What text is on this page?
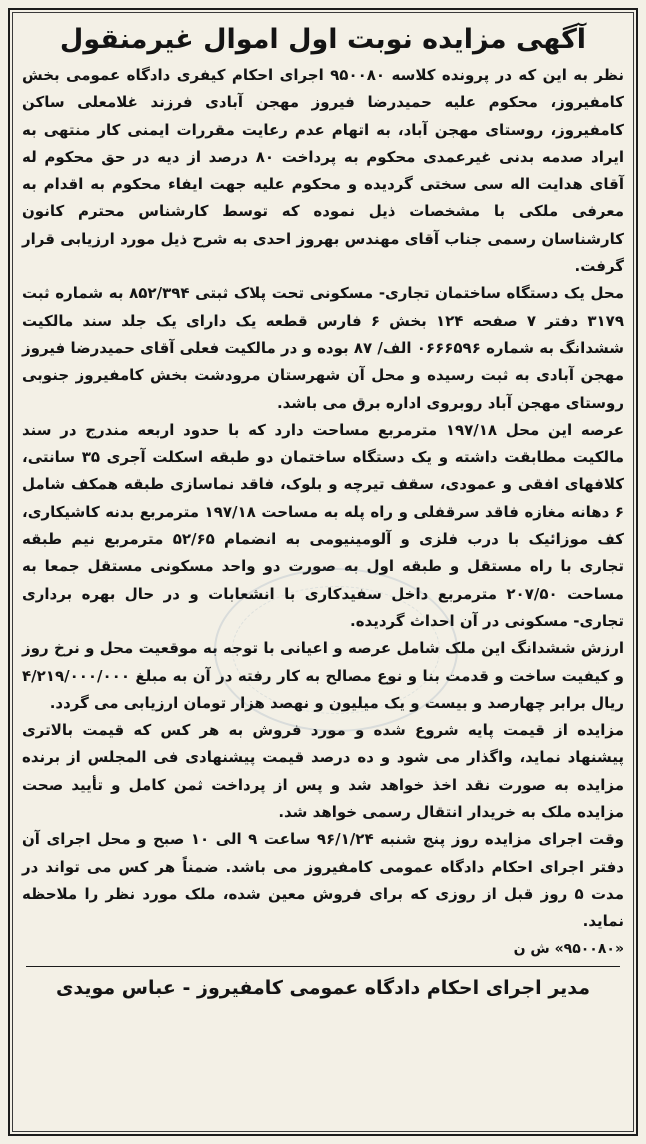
آگهی مزایده نوبت اول اموال غیرمنقول

نظر به این که در پرونده کلاسه ۹۵۰۰۸۰ اجرای احکام کیفری دادگاه عمومی بخش کامفیروز، محکوم علیه حمیدرضا فیروز مهجن آبادی فرزند غلامعلی ساکن کامفیروز، روستای مهجن آباد، به اتهام عدم رعایت مقررات ایمنی کار منتهی به ایراد صدمه بدنی غیرعمدی محکوم به پرداخت ۸۰ درصد از دیه در حق محکوم له آقای هدایت اله سی سختی گردیده و محکوم علیه جهت ایفاء محکوم به اقدام به معرفی ملکی با مشخصات ذیل نموده که توسط کارشناس محترم کانون کارشناسان رسمی جناب آقای مهندس بهروز احدی به شرح ذیل مورد ارزیابی قرار گرفت.

محل یک دستگاه ساختمان تجاری- مسکونی تحت پلاک ثبتی ۸۵۲/۳۹۴ به شماره ثبت ۳۱۷۹ دفتر ۷ صفحه ۱۲۴ بخش ۶ فارس قطعه یک دارای یک جلد سند مالکیت ششدانگ به شماره ۰۶۶۶۵۹۶ الف/ ۸۷ بوده و در مالکیت فعلی آقای حمیدرضا فیروز مهجن آبادی به ثبت رسیده و محل آن شهرستان مرودشت بخش کامفیروز جنوبی روستای مهجن آباد روبروی اداره برق می باشد.

عرصه این محل ۱۹۷/۱۸ مترمربع مساحت دارد که با حدود اربعه مندرج در سند مالکیت مطابقت داشته و یک دستگاه ساختمان دو طبقه اسکلت آجری ۳۵ سانتی، کلافهای افقی و عمودی، سقف تیرچه و بلوک، فاقد نماسازی طبقه همکف شامل ۶ دهانه مغازه فاقد سرقفلی و راه پله به مساحت ۱۹۷/۱۸ مترمربع بدنه کاشیکاری، کف موزائیک با درب فلزی و آلومینیومی به انضمام ۵۲/۶۵ مترمربع نیم طبقه تجاری با راه مستقل و طبقه اول به صورت دو واحد مسکونی مستقل جمعا به مساحت ۲۰۷/۵۰ مترمربع داخل سفیدکاری با انشعابات و در حال بهره برداری تجاری- مسکونی در آن احداث گردیده.

ارزش ششدانگ این ملک شامل عرصه و اعیانی با توجه به موقعیت محل و نرخ روز و کیفیت ساخت و قدمت بنا و نوع مصالح به کار رفته در آن به مبلغ ۴/۲۱۹/۰۰۰/۰۰۰ ریال برابر چهارصد و بیست و یک میلیون و نهصد هزار تومان ارزیابی می گردد.

مزایده از قیمت پایه شروع شده و مورد فروش به هر کس که قیمت بالاتری پیشنهاد نماید، واگذار می شود و ده درصد قیمت پیشنهادی فی المجلس از برنده مزایده به صورت نقد اخذ خواهد شد و پس از پرداخت ثمن کامل و تأیید صحت مزایده ملک به خریدار انتقال رسمی خواهد شد.

وقت اجرای مزایده روز پنج شنبه ۹۶/۱/۲۴ ساعت ۹ الی ۱۰ صبح و محل اجرای آن دفتر اجرای احکام دادگاه عمومی کامفیروز می باشد. ضمناً هر کس می تواند در مدت ۵ روز قبل از روزی که برای فروش معین شده، ملک مورد نظر را ملاحظه نماید.

«۹۵۰۰۸۰» ش ن

مدیر اجرای احکام دادگاه عمومی کامفیروز - عباس مویدی
